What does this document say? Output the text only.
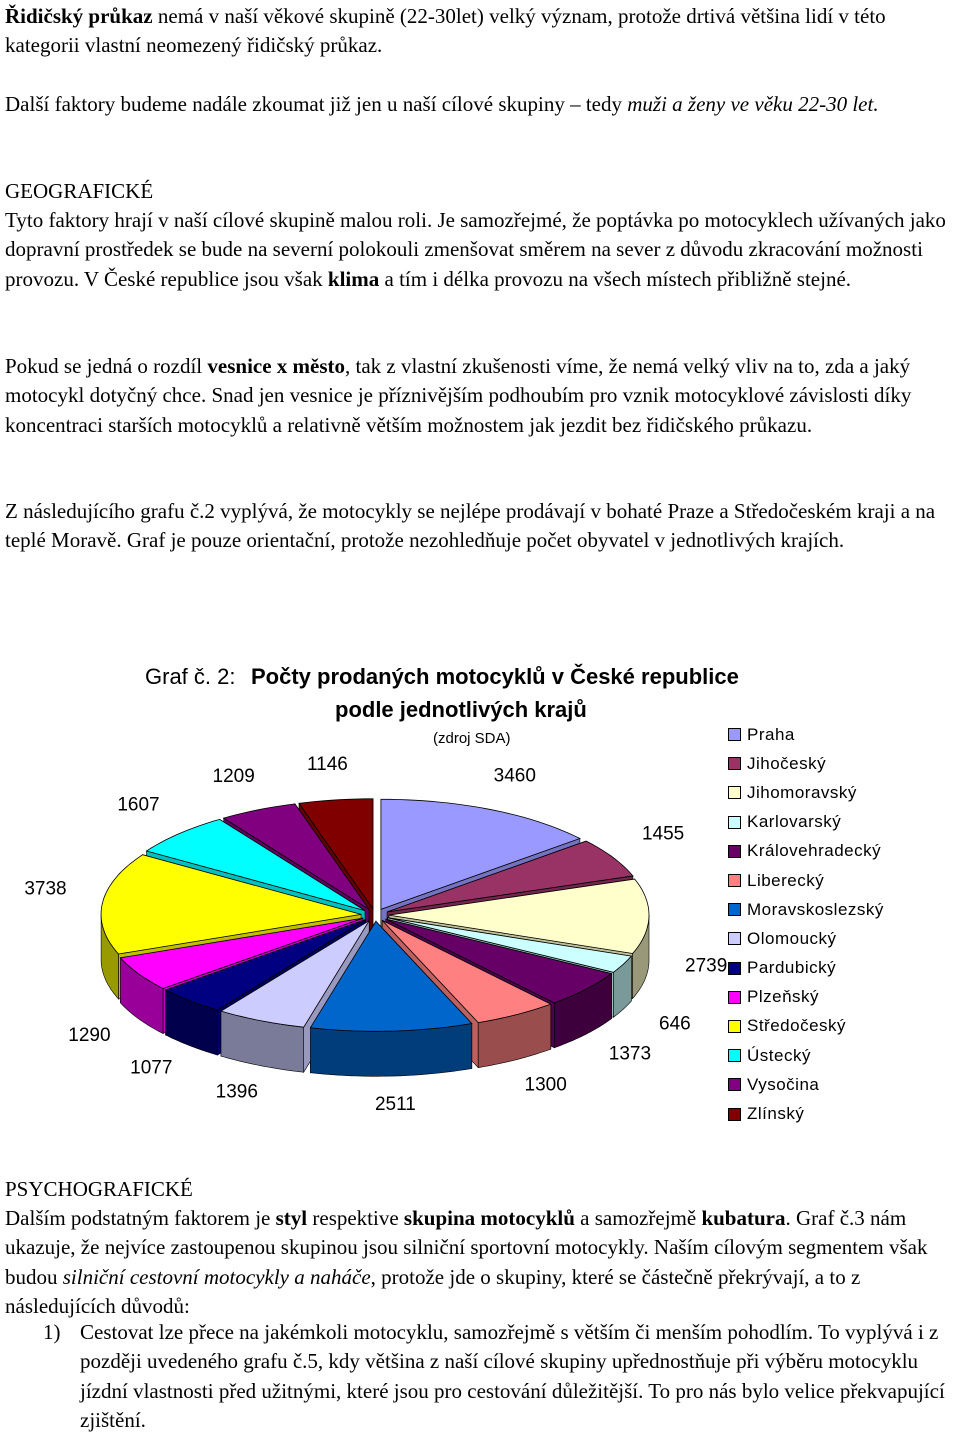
Řidičský průkaz nemá v naší věkové skupině (22-30let) velký význam, protože drtivá většina lidí v této kategorii vlastní neomezený řidičský průkaz.

Další faktory budeme nadále zkoumat již jen u naší cílové skupiny – tedy muži a ženy ve věku 22-30 let.

GEOGRAFICKÉ

Tyto faktory hrají v naší cílové skupině malou roli. Je samozřejmé, že poptávka po motocyklech užívaných jako dopravní prostředek se bude na severní polokouli zmenšovat směrem na sever z důvodu zkracování možnosti provozu. V České republice jsou však klima a tím i délka provozu na všech místech přibližně stejné.

Pokud se jedná o rozdíl vesnice x město, tak z vlastní zkušenosti víme, že nemá velký vliv na to, zda a jaký motocykl dotyčný chce. Snad jen vesnice je příznivějším podhoubím pro vznik motocyklové závislosti díky koncentraci starších motocyklů a relativně větším možnostem jak jezdit bez řidičského průkazu.

Z následujícího grafu č.2 vyplývá, že motocykly se nejlépe prodávají v bohaté Praze a Středočeském kraji a na teplé Moravě. Graf je pouze orientační, protože nezohledňuje počet obyvatel v jednotlivých krajích.

Graf č. 2: Počty prodaných motocyklů v České republice
podle jednotlivých krajů
(zdroj SDA)
3460
1455
2739
646
1373
1300
2511
1396
1077
1290
3738
1607
1209
1146
Praha
Jihočeský
Jihomoravský
Karlovarský
Královehradecký
Liberecký
Moravskoslezský
Olomoucký
Pardubický
Plzeňský
Středočeský
Ústecký
Vysočina
Zlínský

PSYCHOGRAFICKÉ

Dalším podstatným faktorem je styl respektive skupina motocyklů a samozřejmě kubatura. Graf č.3 nám ukazuje, že nejvíce zastoupenou skupinou jsou silniční sportovní motocykly. Naším cílovým segmentem však budou silniční cestovní motocykly a naháče, protože jde o skupiny, které se částečně překrývají, a to z následujících důvodů:

1) Cestovat lze přece na jakémkoli motocyklu, samozřejmě s větším či menším pohodlím. To vyplývá i z později uvedeného grafu č.5, kdy většina z naší cílové skupiny upřednostňuje při výběru motocyklu jízdní vlastnosti před užitnými, které jsou pro cestování důležitější. To pro nás bylo velice překvapující zjištění.
